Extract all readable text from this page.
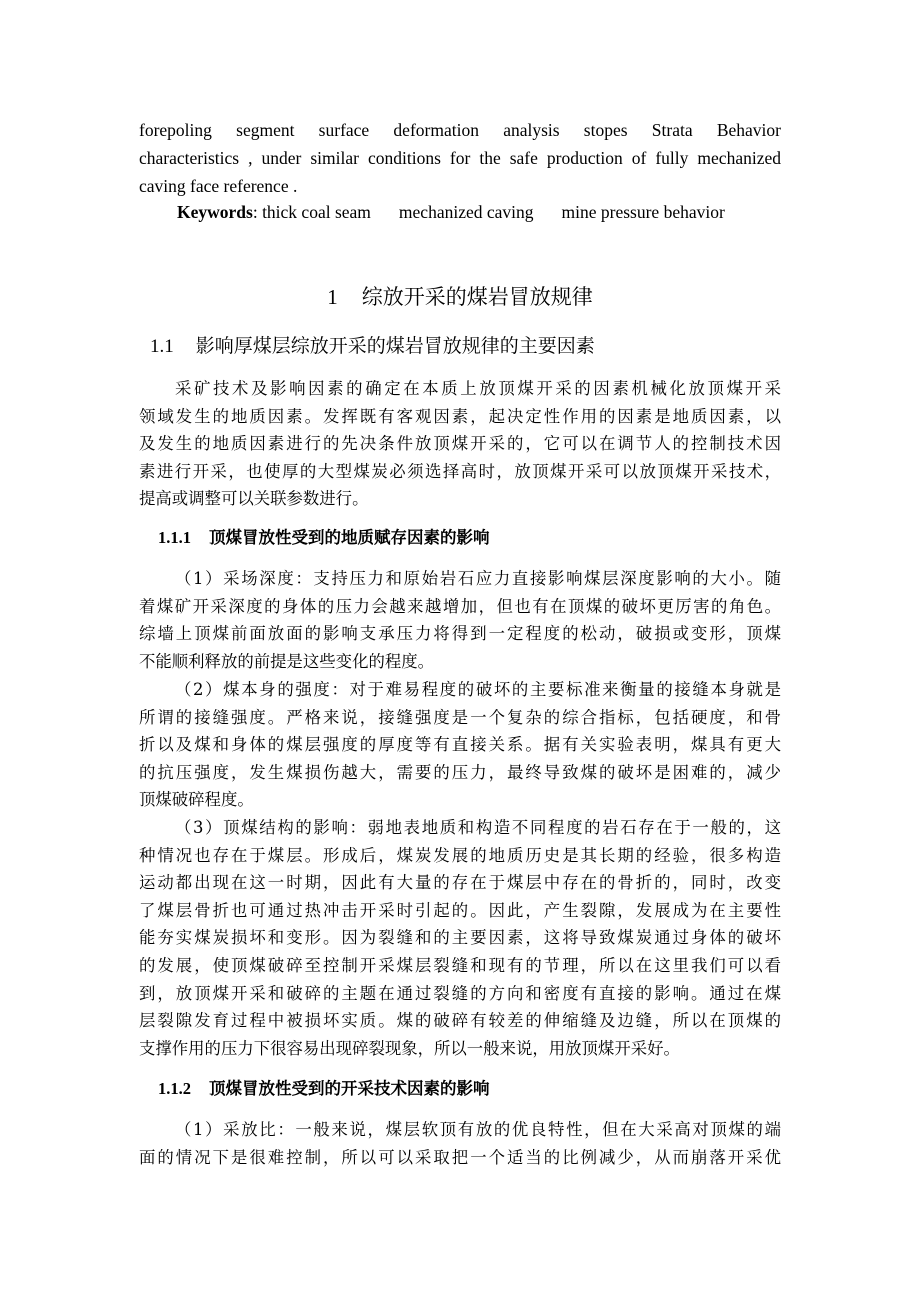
forepoling segment surface deformation analysis stopes Strata Behavior
characteristics , under similar conditions for the safe production of fully mechanized
caving face reference .
Keywords: thick coal seam mechanized caving mine pressure behavior
1 综放开采的煤岩冒放规律
1.1 影响厚煤层综放开采的煤岩冒放规律的主要因素
采矿技术及影响因素的确定在本质上放顶煤开采的因素机械化放顶煤开采
领域发生的地质因素。发挥既有客观因素，起决定性作用的因素是地质因素，以
及发生的地质因素进行的先决条件放顶煤开采的，它可以在调节人的控制技术因
素进行开采，也使厚的大型煤炭必须选择高时，放顶煤开采可以放顶煤开采技术，
提高或调整可以关联参数进行。
1.1.1 顶煤冒放性受到的地质赋存因素的影响
（1）采场深度：支持压力和原始岩石应力直接影响煤层深度影响的大小。随
着煤矿开采深度的身体的压力会越来越增加，但也有在顶煤的破坏更厉害的角色。
综墙上顶煤前面放面的影响支承压力将得到一定程度的松动，破损或变形，顶煤
不能顺利释放的前提是这些变化的程度。
（2）煤本身的强度：对于难易程度的破坏的主要标准来衡量的接缝本身就是
所谓的接缝强度。严格来说，接缝强度是一个复杂的综合指标，包括硬度，和骨
折以及煤和身体的煤层强度的厚度等有直接关系。据有关实验表明，煤具有更大
的抗压强度，发生煤损伤越大，需要的压力，最终导致煤的破坏是困难的，减少
顶煤破碎程度。
（3）顶煤结构的影响：弱地表地质和构造不同程度的岩石存在于一般的，这
种情况也存在于煤层。形成后，煤炭发展的地质历史是其长期的经验，很多构造
运动都出现在这一时期，因此有大量的存在于煤层中存在的骨折的，同时，改变
了煤层骨折也可通过热冲击开采时引起的。因此，产生裂隙，发展成为在主要性
能夯实煤炭损坏和变形。因为裂缝和的主要因素，这将导致煤炭通过身体的破坏
的发展，使顶煤破碎至控制开采煤层裂缝和现有的节理，所以在这里我们可以看
到，放顶煤开采和破碎的主题在通过裂缝的方向和密度有直接的影响。通过在煤
层裂隙发育过程中被损坏实质。煤的破碎有较差的伸缩缝及边缝，所以在顶煤的
支撑作用的压力下很容易出现碎裂现象，所以一般来说，用放顶煤开采好。
1.1.2 顶煤冒放性受到的开采技术因素的影响
（1）采放比：一般来说，煤层软顶有放的优良特性，但在大采高对顶煤的端
面的情况下是很难控制，所以可以采取把一个适当的比例减少，从而崩落开采优
